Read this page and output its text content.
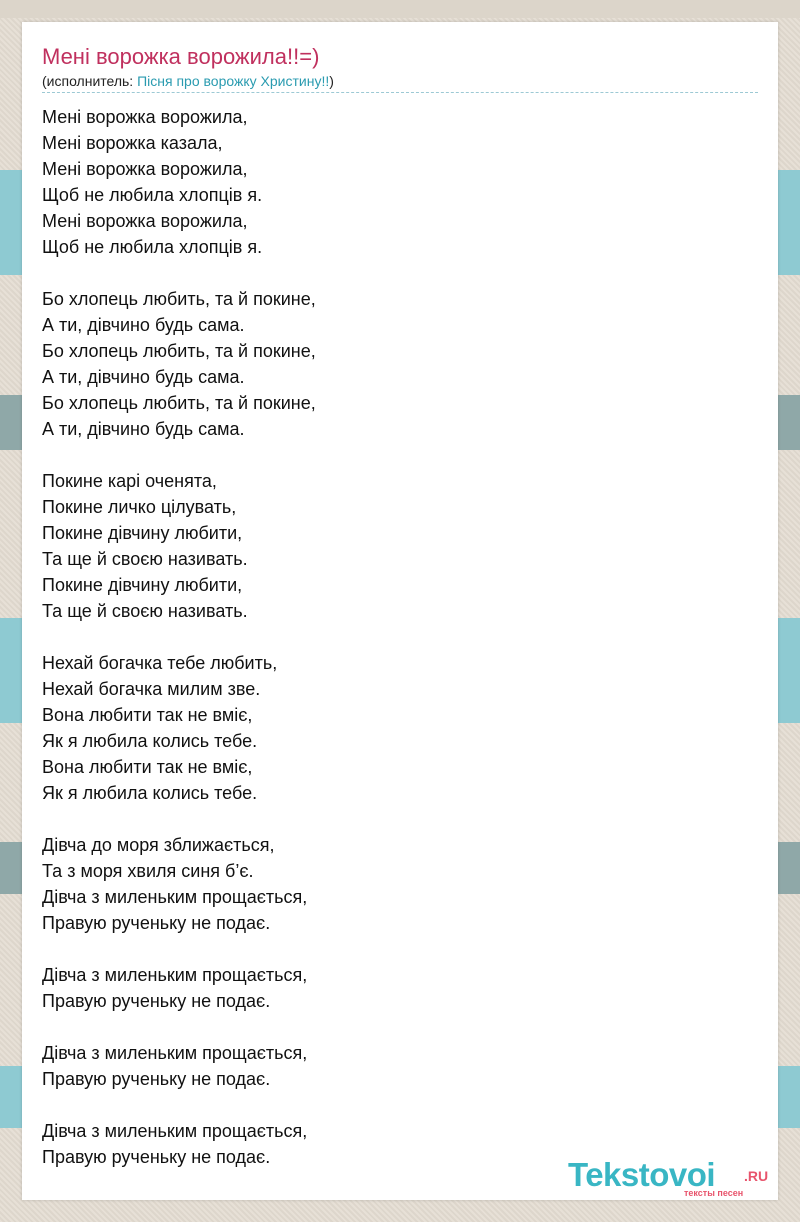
Мені ворожка ворожила!!=)
(исполнитель: Пісня про ворожку Христину!!)
Мені ворожка ворожила,
Мені ворожка казала,
Мені ворожка ворожила,
Щоб не любила хлопців я.
Мені ворожка ворожила,
Щоб не любила хлопців я.
Бо хлопець любить, та й покине,
А ти, дівчино будь сама.
Бо хлопець любить, та й покине,
А ти, дівчино будь сама.
Бо хлопець любить, та й покине,
А ти, дівчино будь сама.
Покине карі оченята,
Покине личко цілувать,
Покине дівчину любити,
Та ще й своєю називать.
Покине дівчину любити,
Та ще й своєю називать.
Нехай богачка тебе любить,
Нехай богачка милим зве.
Вона любити так не вміє,
Як я любила колись тебе.
Вона любити так не вміє,
Як я любила колись тебе.
Дівча до моря зближається,
Та з моря хвиля синя б’є.
Дівча з миленьким прощається,
Правую рученьку не подає.
Дівча з миленьким прощається,
Правую рученьку не подає.
Дівча з миленьким прощається,
Правую рученьку не подає.
Дівча з миленьким прощається,
Правую рученьку не подає.	Tekstovoi .RU
тексты песен
